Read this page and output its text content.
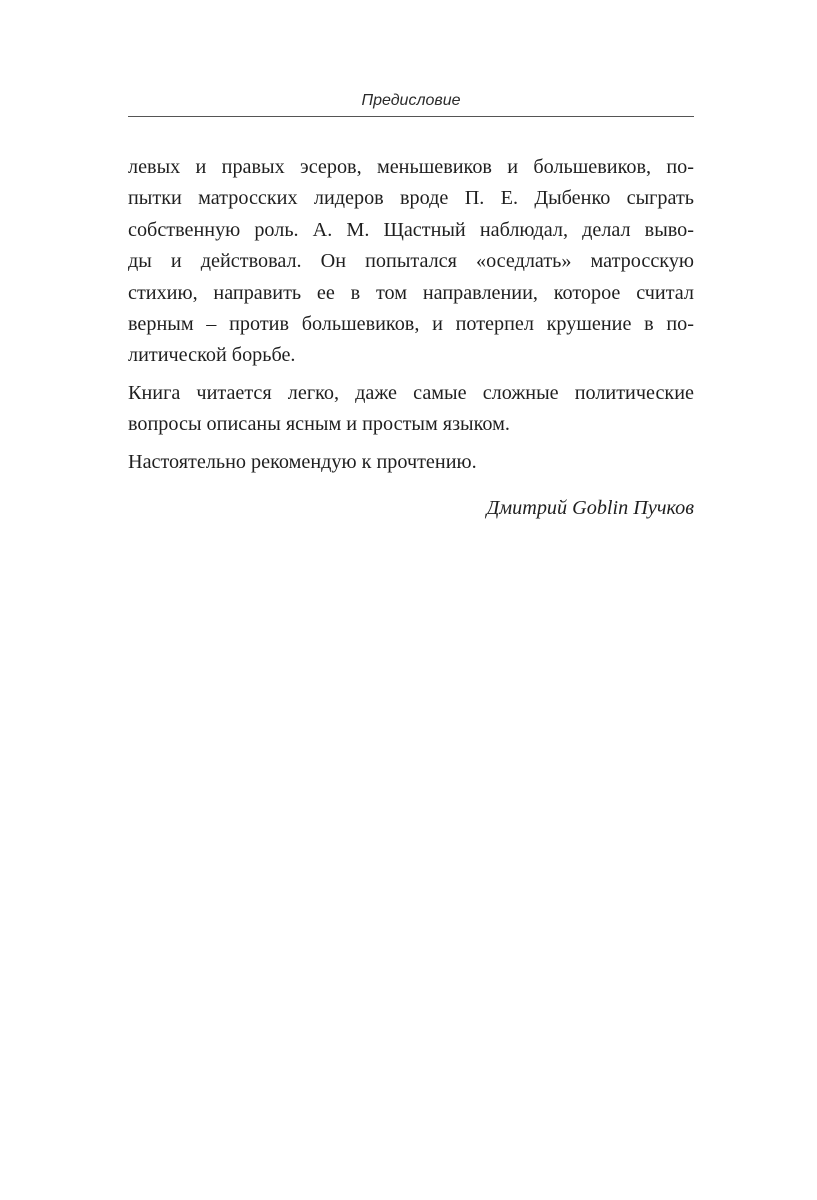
Предисловие
левых и правых эсеров, меньшевиков и большевиков, по-
пытки матросских лидеров вроде П. Е. Дыбенко сыграть
собственную роль. А. М. Щастный наблюдал, делал выво-
ды и действовал. Он попытался «оседлать» матросскую
стихию, направить ее в том направлении, которое считал
верным – против большевиков, и потерпел крушение в по-
литической борьбе.
Книга читается легко, даже самые сложные политические
вопросы описаны ясным и простым языком.
Настоятельно рекомендую к прочтению.
Дмитрий Goblin Пучков
